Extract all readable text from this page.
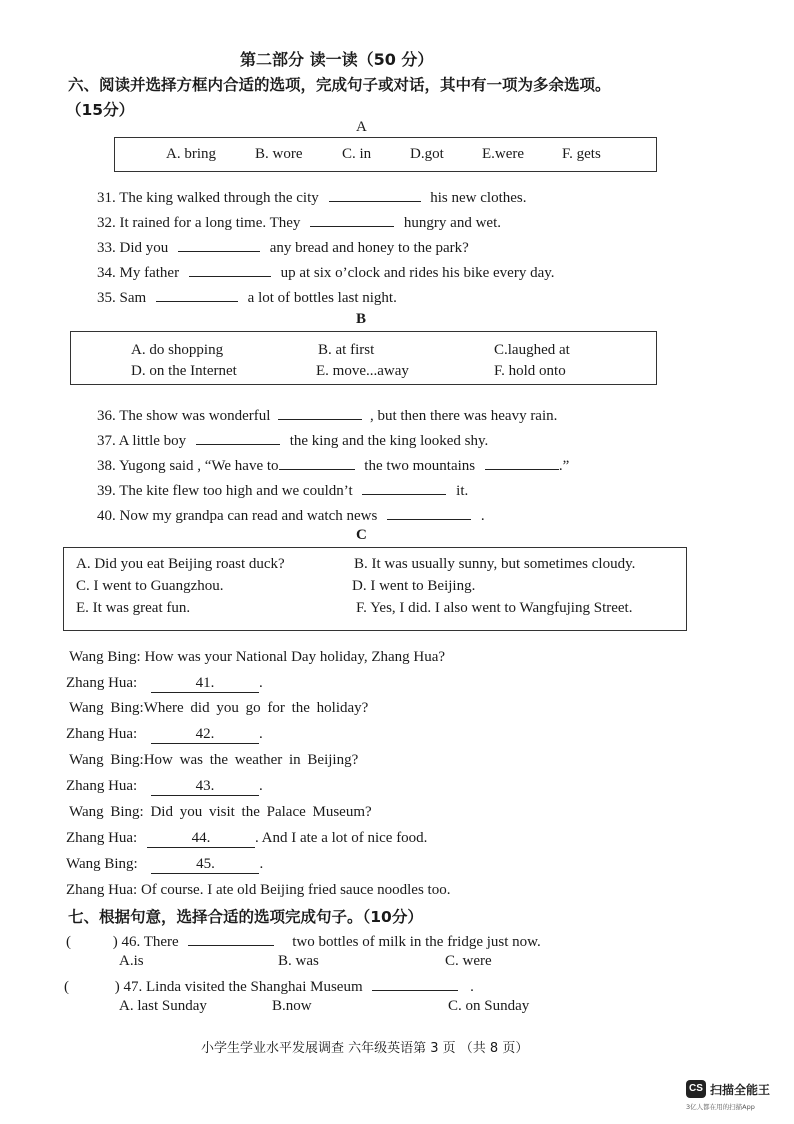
第二部分 读一读（50 分）
六、阅读并选择方框内合适的选项，完成句子或对话，其中有一项为多余选项。
（15分）
A
A. bring	B. wore	C. in	D.got	E.were	F. gets
31. The king walked through the city	his new clothes.
32. It rained for a long time. They	hungry and wet.
33. Did you	any bread and honey to the park?
34. My father	up at six o’clock and rides his bike every day.
35. Sam	a lot of bottles last night.
B
A. do shopping	B. at first	C.laughed at
D. on the Internet	E. move...away	F. hold onto
36. The show was wonderful	, but then there was heavy rain.
37. A little boy	the king and the king looked shy.
38. Yugong said , “We have to	the two mountains	.”
39. The kite flew too high and we couldn’t	it.
40. Now my grandpa can read and watch news	.
C
A. Did you eat Beijing roast duck?	B. It was usually sunny, but sometimes cloudy.
C. I went to Guangzhou.	D. I went to Beijing.
E. It was great fun.	F. Yes, I did. I also went to Wangfujing Street.
Wang Bing: How was your National Day holiday, Zhang Hua?
Zhang Hua:	41.	.
Wang Bing:Where did you go for the holiday?
Zhang Hua:	42.	.
Wang Bing:How was the weather in Beijing?
Zhang Hua:	43.	.
Wang Bing: Did you visit the Palace Museum?
Zhang Hua:	44.	. And I ate a lot of nice food.
Wang Bing:	45.	.
Zhang Hua: Of course. I ate old Beijing fried sauce noodles too.
七、根据句意，选择合适的选项完成句子。（10分）
(	) 46. There	two bottles of milk in the fridge just now.
A.is	B. was	C. were
(	) 47. Linda visited the Shanghai Museum	.
A. last Sunday	B.now	C. on Sunday
小学生学业水平发展调查 六年级英语第 3 页 （共 8 页）
CS 扫描全能王
3亿人都在用的扫描App
